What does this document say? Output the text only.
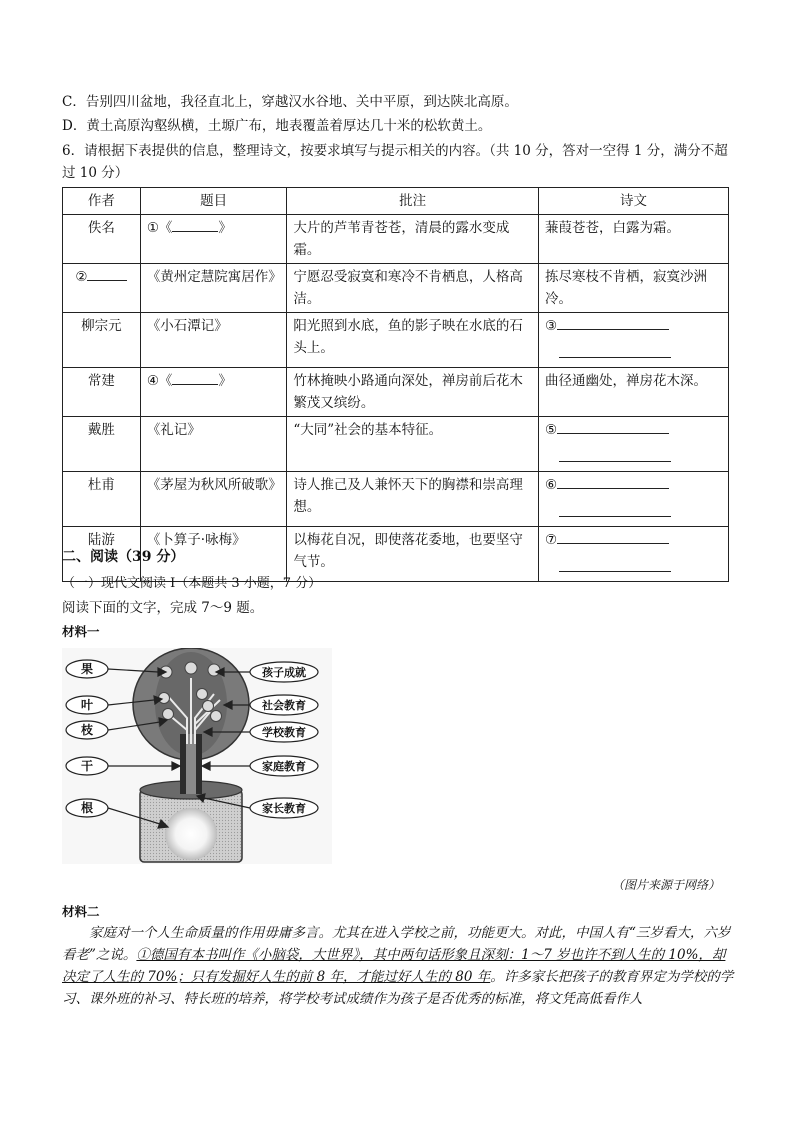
C．告别四川盆地，我径直北上，穿越汉水谷地、关中平原，到达陕北高原。
D．黄土高原沟壑纵横，土塬广布，地表覆盖着厚达几十米的松软黄土。
6．请根据下表提供的信息，整理诗文，按要求填写与提示相关的内容。（共 10 分，答对一空得 1 分，满分不超过 10 分）
作者	题目	批注	诗文
佚名	①《 》	大片的芦苇青苍苍，清晨的露水变成霜。	蒹葭苍苍，白露为霜。
②	《黄州定慧院寓居作》	宁愿忍受寂寞和寒冷不肯栖息，人格高洁。	拣尽寒枝不肯栖，寂寞沙洲冷。
柳宗元	《小石潭记》	阳光照到水底，鱼的影子映在水底的石头上。	③

常建	④《 》	竹林掩映小路通向深处，禅房前后花木繁茂又缤纷。	曲径通幽处，禅房花木深。
戴胜	《礼记》	“大同”社会的基本特征。	⑤

杜甫	《茅屋为秋风所破歌》	诗人推己及人兼怀天下的胸襟和崇高理想。	⑥

陆游	《卜算子·咏梅》	以梅花自况，即使落花委地，也要坚守气节。	⑦

二、阅读（39 分）
（一）现代文阅读 I（本题共 3 小题，7 分）
阅读下面的文字，完成 7～9 题。
材料一
果
叶
枝
干
根
孩子成就
社会教育
学校教育
家庭教育
家长教育
（图片来源于网络）
材料二
家庭对一个人生命质量的作用毋庸多言。尤其在进入学校之前，功能更大。对此，中国人有“三岁看大，六岁看老”之说。①德国有本书叫作《小脑袋，大世界》，其中两句话形象且深刻：1～7 岁也许不到人生的 10%，却决定了人生的 70%；只有发掘好人生的前 8 年，才能过好人生的 80 年。许多家长把孩子的教育界定为学校的学习、课外班的补习、特长班的培养，将学校考试成绩作为孩子是否优秀的标准，将文凭高低看作人
